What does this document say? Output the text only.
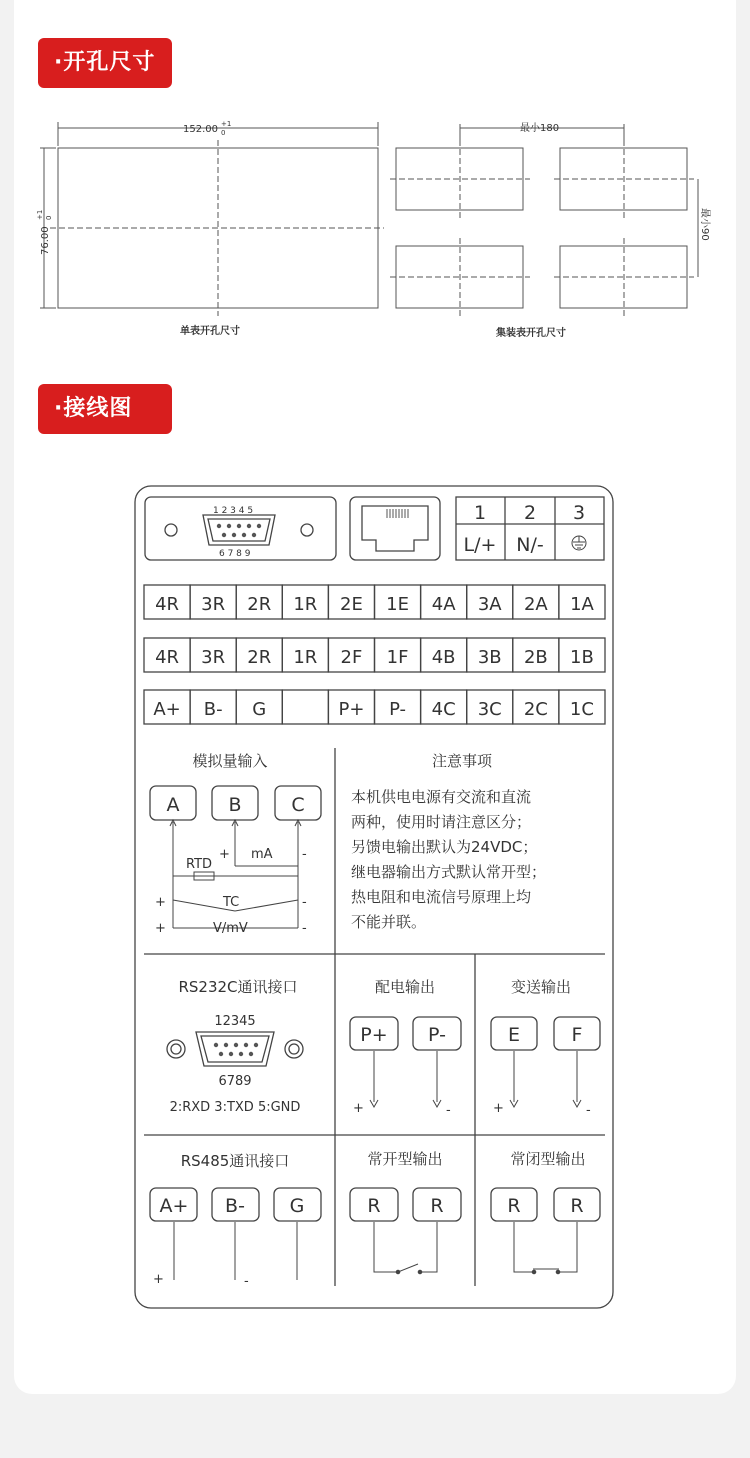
·开孔尺寸
·接线图
152.00 +1
0
76.00
+1 0
最小180
最小90
单表开孔尺寸	集装表开孔尺寸
1 2 3 4 5
6 7 8 9
1 2 3
L/+ N/-
4R 3R 2R 1R 2E 1E 4A 3A 2A 1A
4R 3R 2R 1R 2F 1F 4B 3B 2B 1B
A+ B- G	P+ P- 4C 3C 2C 1C
模拟量输入	注意事项
A	B	C
RTD
+ mA -
TC
V/mV
+
+
-
-
本机供电电源有交流和直流
两种，使用时请注意区分；
另馈电输出默认为24VDC；
继电器输出方式默认常开型；
热电阻和电流信号原理上均
不能并联。
RS232C通讯接口	配电输出	变送输出
12345
6789
2:RXD 3:TXD 5:GND
P+ P-	E	F
+	-	+	-
RS485通讯接口	常开型输出	常闭型输出
A+ B- G	R	R	R	R
+	-
